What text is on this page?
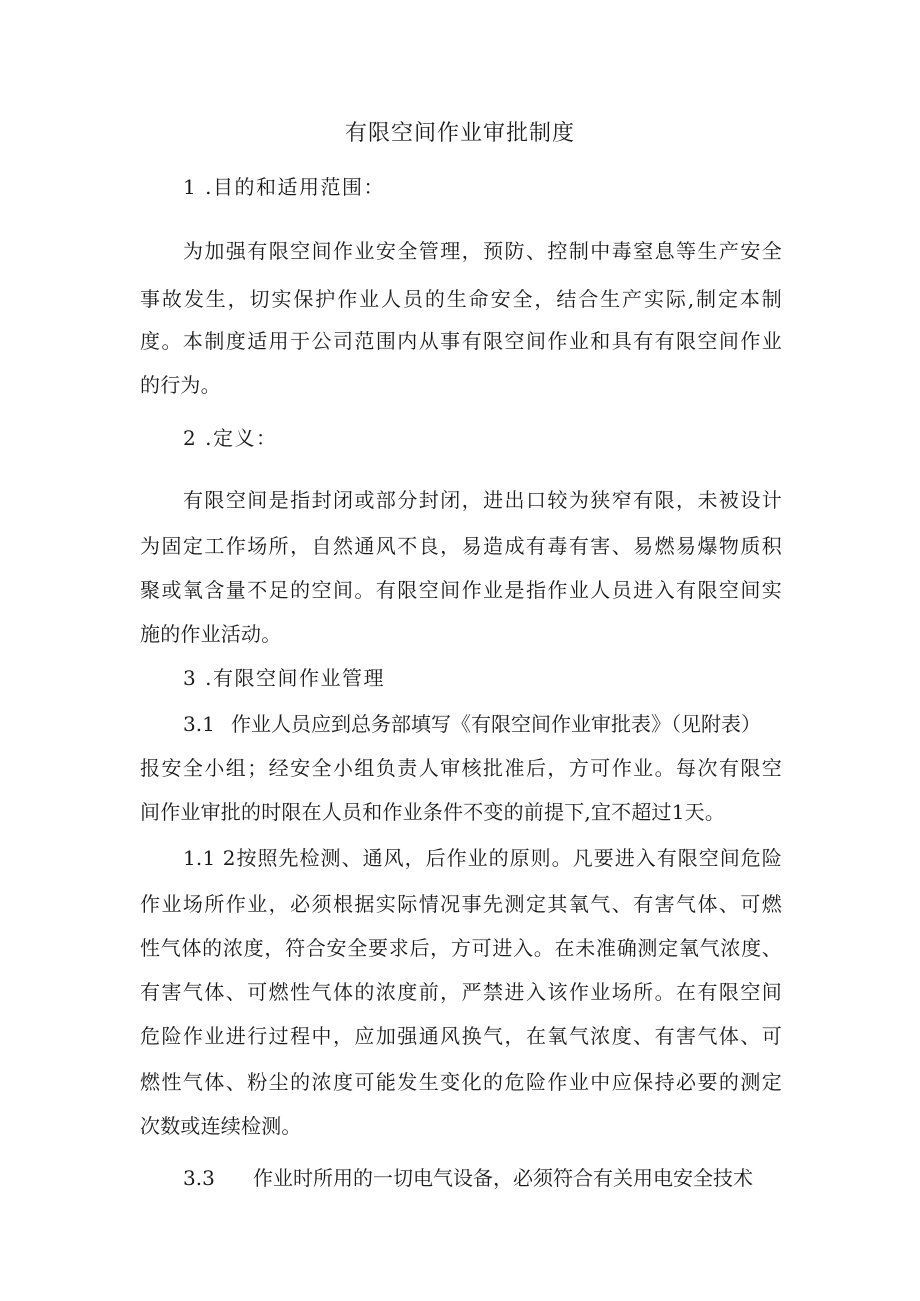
有限空间作业审批制度
1 .目的和适用范围：
为加强有限空间作业安全管理，预防、控制中毒窒息等生产安全
事故发生，切实保护作业人员的生命安全，结合生产实际,制定本制
度。本制度适用于公司范围内从事有限空间作业和具有有限空间作业
的行为。
2 .定义：
有限空间是指封闭或部分封闭，进出口较为狭窄有限，未被设计
为固定工作场所，自然通风不良，易造成有毒有害、易燃易爆物质积
聚或氧含量不足的空间。有限空间作业是指作业人员进入有限空间实
施的作业活动。
3 .有限空间作业管理
3.1 作业人员应到总务部填写《有限空间作业审批表》（见附表）
报安全小组；经安全小组负责人审核批准后，方可作业。每次有限空
间作业审批的时限在人员和作业条件不变的前提下,宜不超过1天。
1.1 2按照先检测、通风，后作业的原则。凡要进入有限空间危险
作业场所作业，必须根据实际情况事先测定其氧气、有害气体、可燃
性气体的浓度，符合安全要求后，方可进入。在未准确测定氧气浓度、
有害气体、可燃性气体的浓度前，严禁进入该作业场所。在有限空间
危险作业进行过程中，应加强通风换气，在氧气浓度、有害气体、可
燃性气体、粉尘的浓度可能发生变化的危险作业中应保持必要的测定
次数或连续检测。
3.3 作业时所用的一切电气设备，必须符合有关用电安全技术
